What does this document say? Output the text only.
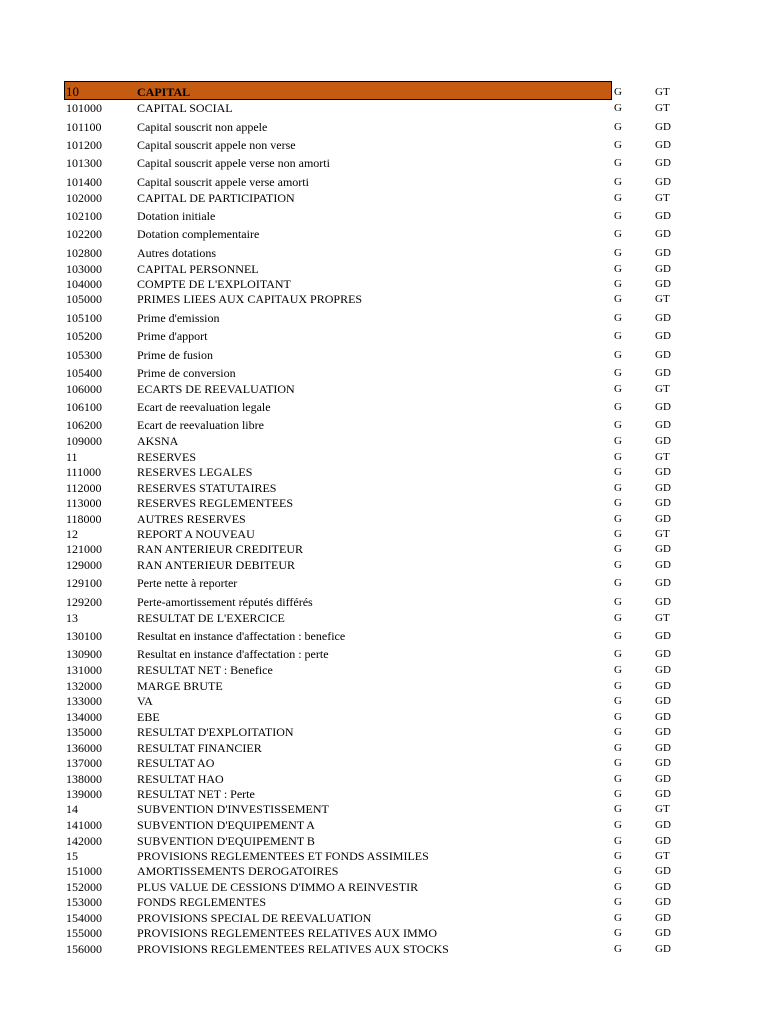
10	CAPITAL	G	GT
101000	CAPITAL SOCIAL	G	GT
101100	Capital souscrit non appele	G	GD
101200	Capital souscrit appele non verse	G	GD
101300	Capital souscrit appele verse non amorti	G	GD
101400	Capital souscrit appele verse amorti	G	GD
102000	CAPITAL DE PARTICIPATION	G	GT
102100	Dotation initiale	G	GD
102200	Dotation complementaire	G	GD
102800	Autres dotations	G	GD
103000	CAPITAL PERSONNEL	G	GD
104000	COMPTE DE L'EXPLOITANT	G	GD
105000	PRIMES LIEES AUX CAPITAUX PROPRES	G	GT
105100	Prime d'emission	G	GD
105200	Prime d'apport	G	GD
105300	Prime de fusion	G	GD
105400	Prime de conversion	G	GD
106000	ECARTS DE REEVALUATION	G	GT
106100	Ecart de reevaluation legale	G	GD
106200	Ecart de reevaluation libre	G	GD
109000	AKSNA	G	GD
11	RESERVES	G	GT
111000	RESERVES LEGALES	G	GD
112000	RESERVES STATUTAIRES	G	GD
113000	RESERVES REGLEMENTEES	G	GD
118000	AUTRES RESERVES	G	GD
12	REPORT A NOUVEAU	G	GT
121000	RAN ANTERIEUR CREDITEUR	G	GD
129000	RAN ANTERIEUR DEBITEUR	G	GD
129100	Perte nette à reporter	G	GD
129200	Perte-amortissement réputés différés	G	GD
13	RESULTAT DE L'EXERCICE	G	GT
130100	Resultat en instance d'affectation : benefice	G	GD
130900	Resultat en instance d'affectation : perte	G	GD
131000	RESULTAT NET : Benefice	G	GD
132000	MARGE BRUTE	G	GD
133000	VA	G	GD
134000	EBE	G	GD
135000	RESULTAT D'EXPLOITATION	G	GD
136000	RESULTAT FINANCIER	G	GD
137000	RESULTAT AO	G	GD
138000	RESULTAT HAO	G	GD
139000	RESULTAT NET : Perte	G	GD
14	SUBVENTION D'INVESTISSEMENT	G	GT
141000	SUBVENTION D'EQUIPEMENT A	G	GD
142000	SUBVENTION D'EQUIPEMENT B	G	GD
15	PROVISIONS REGLEMENTEES ET FONDS ASSIMILES	G	GT
151000	AMORTISSEMENTS DEROGATOIRES	G	GD
152000	PLUS VALUE DE CESSIONS D'IMMO A REINVESTIR	G	GD
153000	FONDS REGLEMENTES	G	GD
154000	PROVISIONS SPECIAL DE REEVALUATION	G	GD
155000	PROVISIONS REGLEMENTEES RELATIVES AUX IMMO	G	GD
156000	PROVISIONS REGLEMENTEES RELATIVES AUX STOCKS	G	GD
